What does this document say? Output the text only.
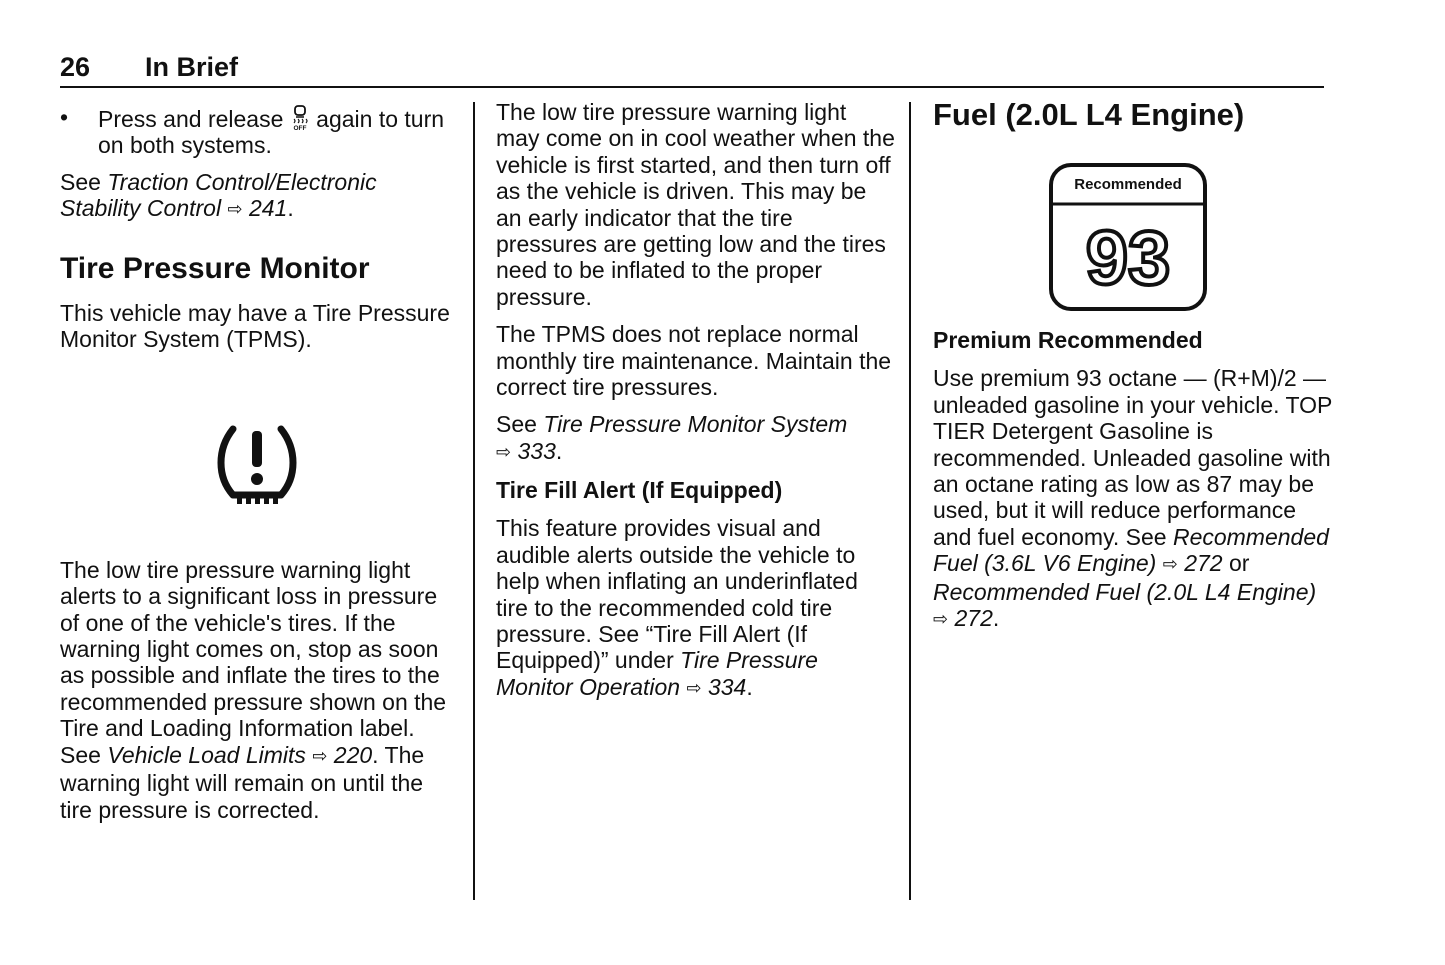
26 In Brief
• Press and release OFF again to turn on both systems.

See Traction Control/Electronic Stability Control ⇨ 241.

Tire Pressure Monitor

This vehicle may have a Tire Pressure Monitor System (TPMS).

The low tire pressure warning light alerts to a significant loss in pressure of one of the vehicle's tires. If the warning light comes on, stop as soon as possible and inflate the tires to the recommended pressure shown on the Tire and Loading Information label. See Vehicle Load Limits ⇨ 220. The warning light will remain on until the tire pressure is corrected.

The low tire pressure warning light may come on in cool weather when the vehicle is first started, and then turn off as the vehicle is driven. This may be an early indicator that the tire pressures are getting low and the tires need to be inflated to the proper pressure.

The TPMS does not replace normal monthly tire maintenance. Maintain the correct tire pressures.

See Tire Pressure Monitor System
⇨ 333.

Tire Fill Alert (If Equipped)

This feature provides visual and audible alerts outside the vehicle to help when inflating an underinflated tire to the recommended cold tire pressure. See “Tire Fill Alert (If Equipped)” under Tire Pressure Monitor Operation ⇨ 334.

Fuel (2.0L L4 Engine)
Recommended
93
Premium Recommended

Use premium 93 octane — (R+M)/2 — unleaded gasoline in your vehicle. TOP TIER Detergent Gasoline is recommended. Unleaded gasoline with an octane rating as low as 87 may be used, but it will reduce performance and fuel economy. See Recommended Fuel (3.6L V6 Engine) ⇨ 272 or Recommended Fuel (2.0L L4 Engine) ⇨ 272.
